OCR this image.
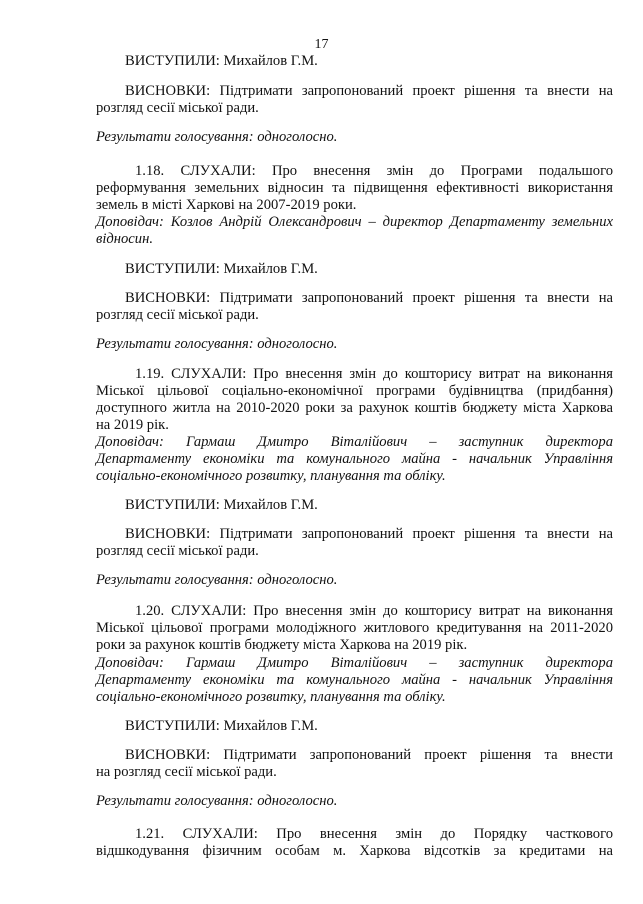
17
ВИСТУПИЛИ: Михайлов Г.М.
ВИСНОВКИ: Підтримати запропонований проект рішення та внести на
розгляд сесії міської ради.
Результати голосування: одноголосно.
1.18. СЛУХАЛИ: Про внесення змін до Програми подальшого
реформування земельних відносин та підвищення ефективності використання
земель в місті Харкові на 2007-2019 роки.
Доповідач: Козлов Андрій Олександрович – директор Департаменту земельних
відносин.
ВИСТУПИЛИ: Михайлов Г.М.
ВИСНОВКИ: Підтримати запропонований проект рішення та внести на
розгляд сесії міської ради.
Результати голосування: одноголосно.
1.19. СЛУХАЛИ: Про внесення змін до кошторису витрат на виконання
Міської цільової соціально-економічної програми будівництва (придбання)
доступного житла на 2010-2020 роки за рахунок коштів бюджету міста Харкова
на 2019 рік.
Доповідач: Гармаш Дмитро Віталійович – заступник директора
Департаменту економіки та комунального майна - начальник Управління
соціально-економічного розвитку, планування та обліку.
ВИСТУПИЛИ: Михайлов Г.М.
ВИСНОВКИ: Підтримати запропонований проект рішення та внести на
розгляд сесії міської ради.
Результати голосування: одноголосно.
1.20. СЛУХАЛИ: Про внесення змін до кошторису витрат на виконання
Міської цільової програми молодіжного житлового кредитування на 2011-2020
роки за рахунок коштів бюджету міста Харкова на 2019 рік.
Доповідач: Гармаш Дмитро Віталійович – заступник директора
Департаменту економіки та комунального майна - начальник Управління
соціально-економічного розвитку, планування та обліку.
ВИСТУПИЛИ: Михайлов Г.М.
ВИСНОВКИ: Підтримати запропонований проект рішення та внести
на розгляд сесії міської ради.
Результати голосування: одноголосно.
1.21. СЛУХАЛИ: Про внесення змін до Порядку часткового
відшкодування фізичним особам м. Харкова відсотків за кредитами на
